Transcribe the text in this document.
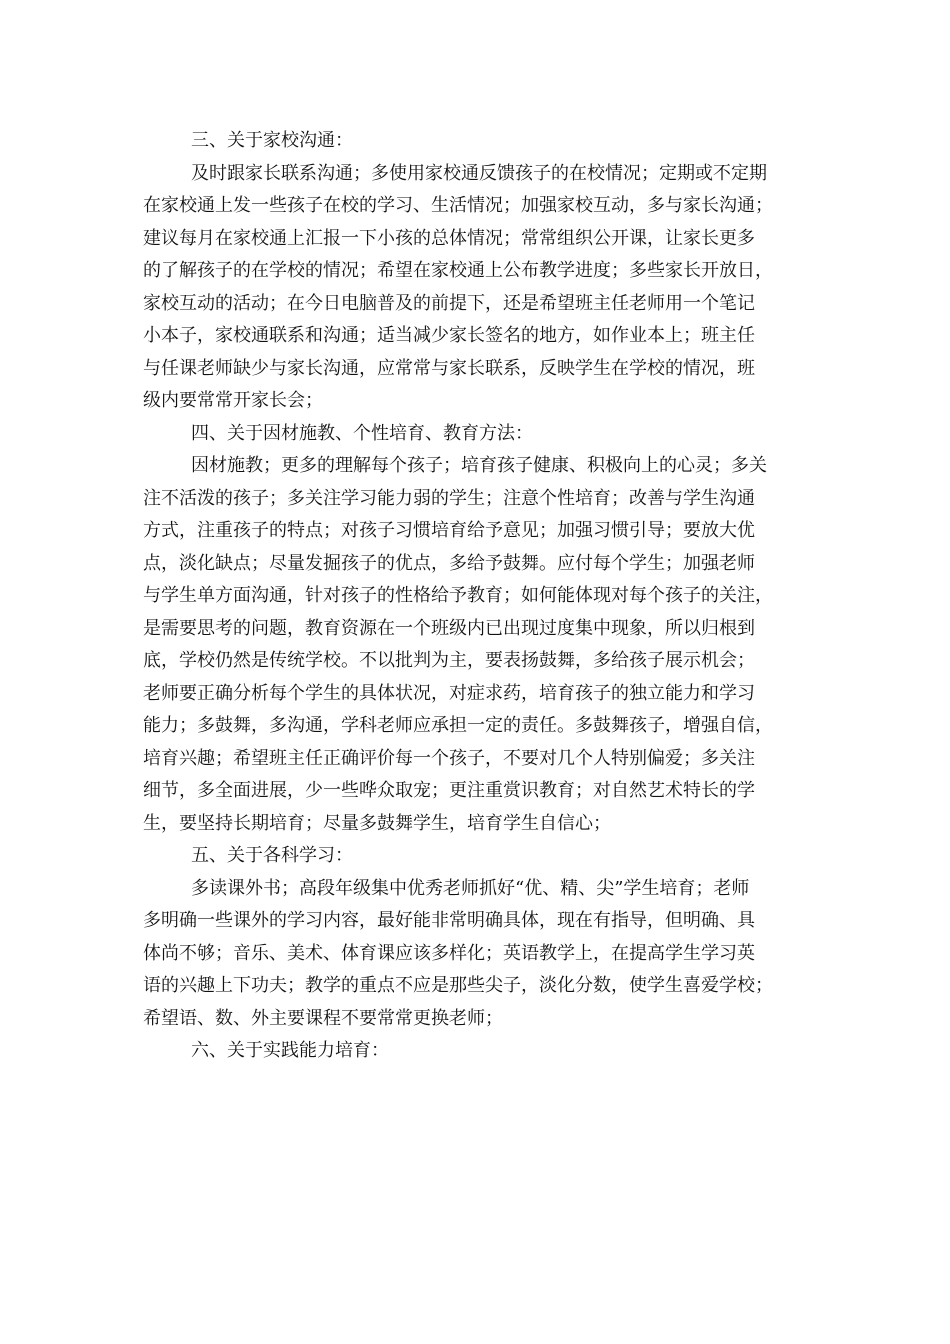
三、关于家校沟通：

及时跟家长联系沟通；多使用家校通反馈孩子的在校情况；定期或不定期
在家校通上发一些孩子在校的学习、生活情况；加强家校互动，多与家长沟通；
建议每月在家校通上汇报一下小孩的总体情况；常常组织公开课，让家长更多
的了解孩子的在学校的情况；希望在家校通上公布教学进度；多些家长开放日，
家校互动的活动；在今日电脑普及的前提下，还是希望班主任老师用一个笔记
小本子，家校通联系和沟通；适当减少家长签名的地方，如作业本上；班主任
与任课老师缺少与家长沟通，应常常与家长联系，反映学生在学校的情况，班
级内要常常开家长会；

四、关于因材施教、个性培育、教育方法：

因材施教；更多的理解每个孩子；培育孩子健康、积极向上的心灵；多关
注不活泼的孩子；多关注学习能力弱的学生；注意个性培育；改善与学生沟通
方式，注重孩子的特点；对孩子习惯培育给予意见；加强习惯引导；要放大优
点，淡化缺点；尽量发掘孩子的优点，多给予鼓舞。应付每个学生；加强老师
与学生单方面沟通，针对孩子的性格给予教育；如何能体现对每个孩子的关注，
是需要思考的问题，教育资源在一个班级内已出现过度集中现象，所以归根到
底，学校仍然是传统学校。不以批判为主，要表扬鼓舞，多给孩子展示机会；
老师要正确分析每个学生的具体状况，对症求药，培育孩子的独立能力和学习
能力；多鼓舞，多沟通，学科老师应承担一定的责任。多鼓舞孩子，增强自信，
培育兴趣；希望班主任正确评价每一个孩子，不要对几个人特别偏爱；多关注
细节，多全面进展，少一些哗众取宠；更注重赏识教育；对自然艺术特长的学
生，要坚持长期培育；尽量多鼓舞学生，培育学生自信心；

五、关于各科学习：

多读课外书；高段年级集中优秀老师抓好“优、精、尖”学生培育；老师
多明确一些课外的学习内容，最好能非常明确具体，现在有指导，但明确、具
体尚不够；音乐、美术、体育课应该多样化；英语教学上，在提高学生学习英
语的兴趣上下功夫；教学的重点不应是那些尖子，淡化分数，使学生喜爱学校；
希望语、数、外主要课程不要常常更换老师；

六、关于实践能力培育：
